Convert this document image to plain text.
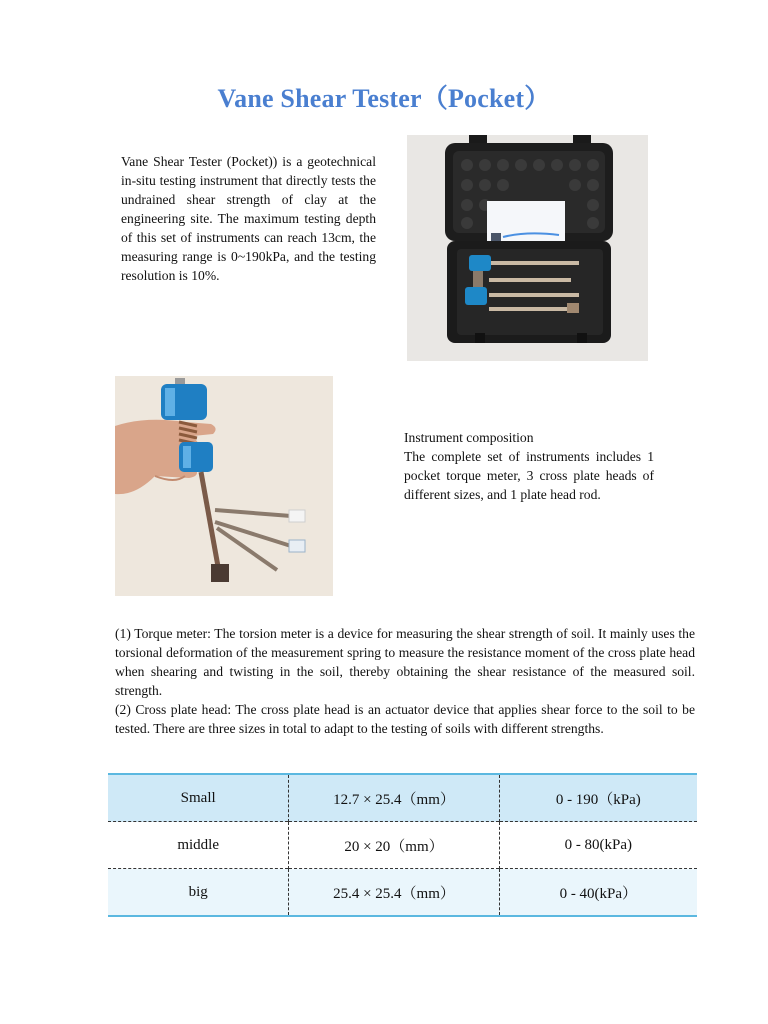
Vane Shear Tester（Pocket）
Vane Shear Tester (Pocket)) is a geotechnical in-situ testing instrument that directly tests the undrained shear strength of clay at the engineering site. The maximum testing depth of this set of instruments can reach 13cm, the measuring range is 0~190kPa, and the testing resolution is 10%.
Instrument composition
The complete set of instruments includes 1 pocket torque meter, 3 cross plate heads of different sizes, and 1 plate head rod.

(1) Torque meter: The torsion meter is a device for measuring the shear strength of soil. It mainly uses the torsional deformation of the measurement spring to measure the resistance moment of the cross plate head when shearing and twisting in the soil, thereby obtaining the shear resistance of the measured soil. strength.

(2) Cross plate head: The cross plate head is an actuator device that applies shear force to the soil to be tested. There are three sizes in total to adapt to the testing of soils with different strengths.

Small	12.7 × 25.4（mm）	0 - 190（kPa)
middle	20 × 20（mm）	0 - 80(kPa)
big	25.4 × 25.4（mm）	0 - 40(kPa）
